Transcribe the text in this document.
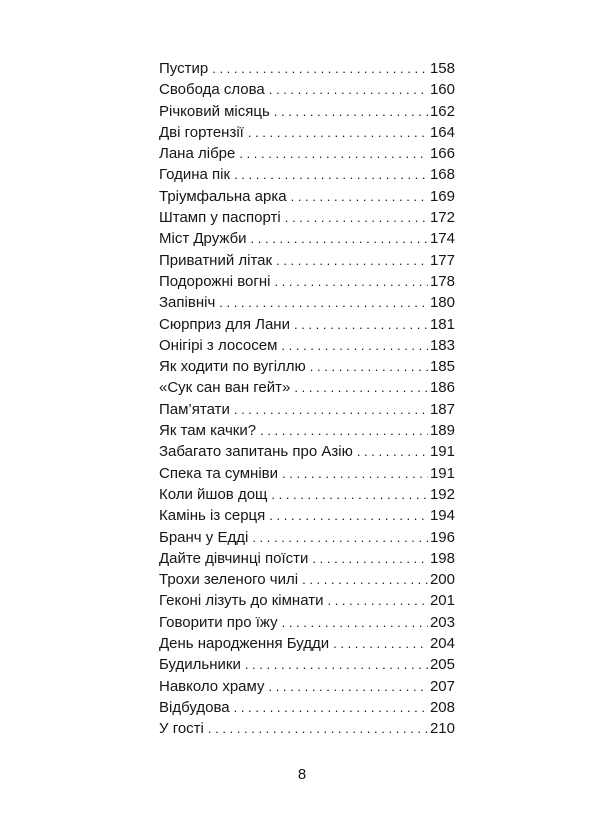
Пустир . . .	158
Свобода слова . . .	160
Річковий місяць . . .	162
Дві гортензії . . .	164
Лана лібре . . .	166
Година пік . . .	168
Тріумфальна арка . . .	169
Штамп у паспорті . . .	172
Міст Дружби . . .	174
Приватний літак . . .	177
Подорожні вогні . . .	178
Запівніч . . .	180
Сюрприз для Лани . . .	181
Онігірі з лососем . . .	183
Як ходити по вугіллю . . .	185
«Сук сан ван гейт» . . .	186
Пам’ятати . . .	187
Як там качки? . . .	189
Забагато запитань про Азію . . .	191
Спека та сумніви . . .	191
Коли йшов дощ . . .	192
Камінь із серця . . .	194
Бранч у Едді . . .	196
Дайте дівчинці поїсти . . .	198
Трохи зеленого чилі . . .	200
Геконі лізуть до кімнати . . .	201
Говорити про їжу . . .	203
День народження Будди . . .	204
Будильники . . .	205
Навколо храму . . .	207
Відбудова . . .	208
У гості . . .	210
8
